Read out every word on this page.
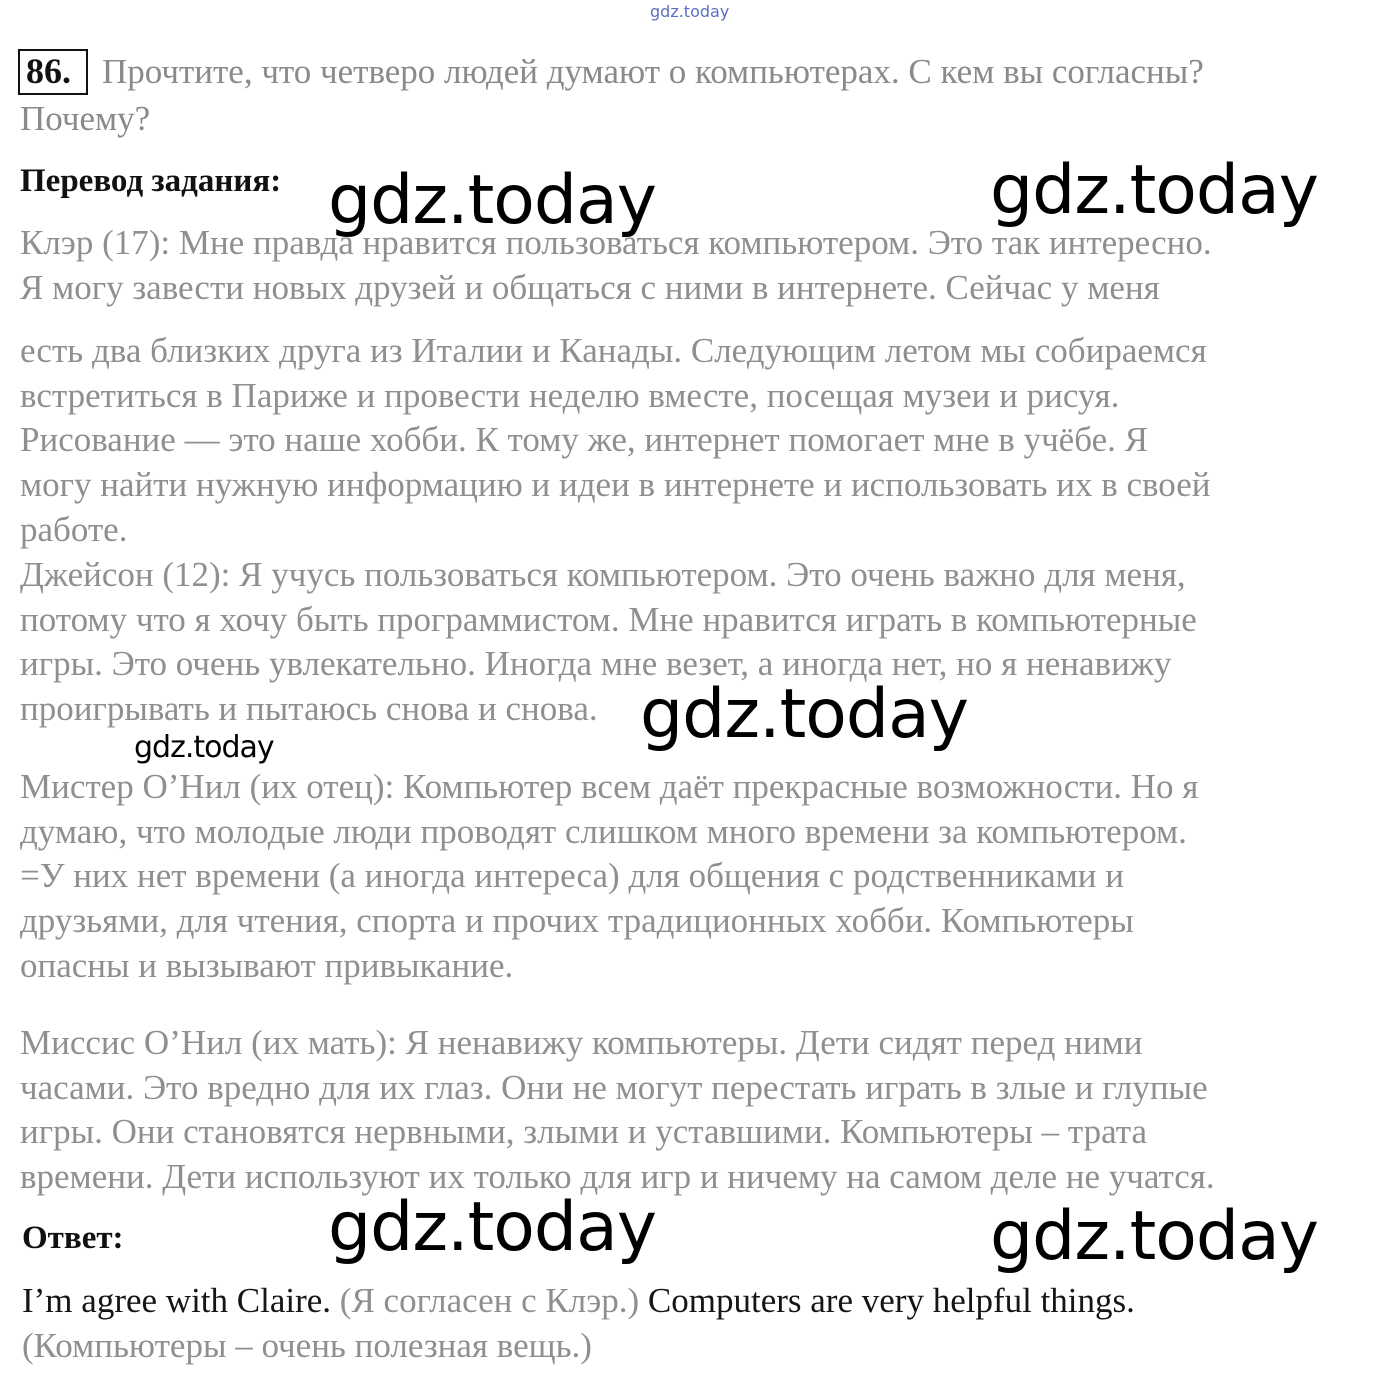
gdz.today
86. Прочтите, что четверо людей думают о компьютерах. С кем вы согласны?
Почему?
Перевод задания:
Клэр (17): Мне правда нравится пользоваться компьютером. Это так интересно.
Я могу завести новых друзей и общаться с ними в интернете. Сейчас у меня
есть два близких друга из Италии и Канады. Следующим летом мы собираемся
встретиться в Париже и провести неделю вместе, посещая музеи и рисуя.
Рисование — это наше хобби. К тому же, интернет помогает мне в учёбе. Я
могу найти нужную информацию и идеи в интернете и использовать их в своей
работе.
Джейсон (12): Я учусь пользоваться компьютером. Это очень важно для меня,
потому что я хочу быть программистом. Мне нравится играть в компьютерные
игры. Это очень увлекательно. Иногда мне везет, а иногда нет, но я ненавижу
проигрывать и пытаюсь снова и снова.
Мистер О’Нил (их отец): Компьютер всем даёт прекрасные возможности. Но я
думаю, что молодые люди проводят слишком много времени за компьютером.
=У них нет времени (а иногда интереса) для общения с родственниками и
друзьями, для чтения, спорта и прочих традиционных хобби. Компьютеры
опасны и вызывают привыкание.
Миссис О’Нил (их мать): Я ненавижу компьютеры. Дети сидят перед ними
часами. Это вредно для их глаз. Они не могут перестать играть в злые и глупые
игры. Они становятся нервными, злыми и уставшими. Компьютеры – трата
времени. Дети используют их только для игр и ничему на самом деле не учатся.
Ответ:
I’m agree with Claire. (Я согласен с Клэр.) Computers are very helpful things.
(Компьютеры – очень полезная вещь.)
gdz.today	gdz.today
gdz.today
gdz.today
gdz.today	gdz.today
